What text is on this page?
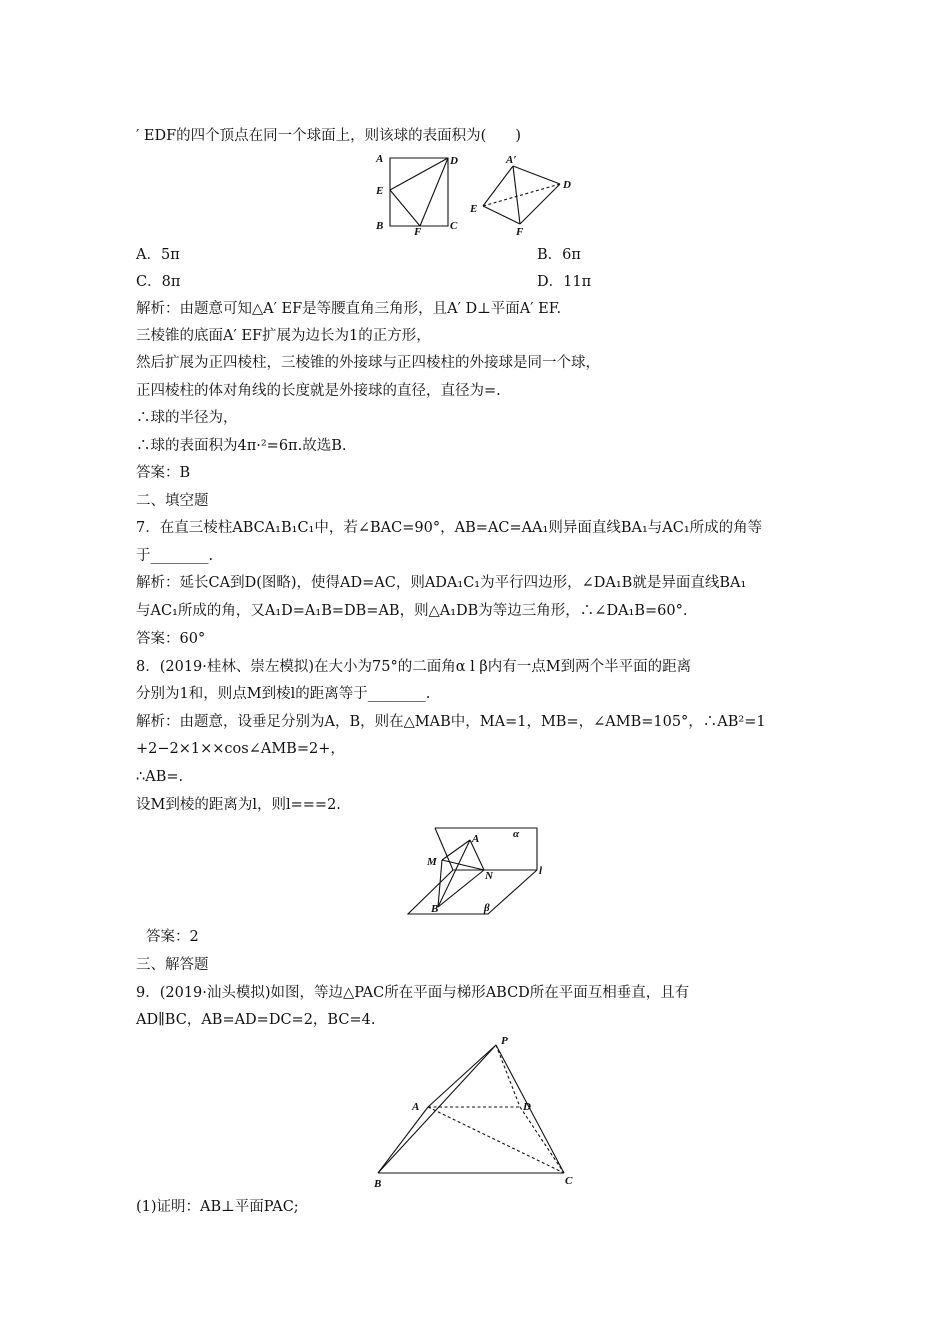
′ EDF的四个顶点在同一个球面上，则该球的表面积为(　　)
A	D
E
B	F	C
A′
D
E
F
A．5π	B．6π
C．8π	D．11π
解析：由题意可知△A′ EF是等腰直角三角形，且A′ D⊥平面A′ EF.
三棱锥的底面A′ EF扩展为边长为1的正方形，
然后扩展为正四棱柱，三棱锥的外接球与正四棱柱的外接球是同一个球，
正四棱柱的体对角线的长度就是外接球的直径，直径为=.
∴球的半径为，
∴球的表面积为4π·²=6π.故选B.
答案：B
二、填空题
7．在直三棱柱ABCA₁B₁C₁中，若∠BAC=90°，AB=AC=AA₁则异面直线BA₁与AC₁所成的角等
于________.
解析：延长CA到D(图略)，使得AD=AC，则ADA₁C₁为平行四边形，∠DA₁B就是异面直线BA₁
与AC₁所成的角，又A₁D=A₁B=DB=AB，则△A₁DB为等边三角形，∴∠DA₁B=60°.
答案：60°
8．(2019·桂林、崇左模拟)在大小为75°的二面角α l β内有一点M到两个半平面的距离
分别为1和，则点M到棱l的距离等于________.
解析：由题意，设垂足分别为A，B，则在△MAB中，MA=1，MB=，∠AMB=105°，∴AB²=1
+2−2×1××cos∠AMB=2+，
∴AB=.
设M到棱的距离为l，则l===2.
α
A
M
N	l
B	β
答案：2
三、解答题
9．(2019·汕头模拟)如图，等边△PAC所在平面与梯形ABCD所在平面互相垂直，且有
AD∥BC，AB=AD=DC=2，BC=4.
P
A	D
B	C
(1)证明：AB⊥平面PAC;
